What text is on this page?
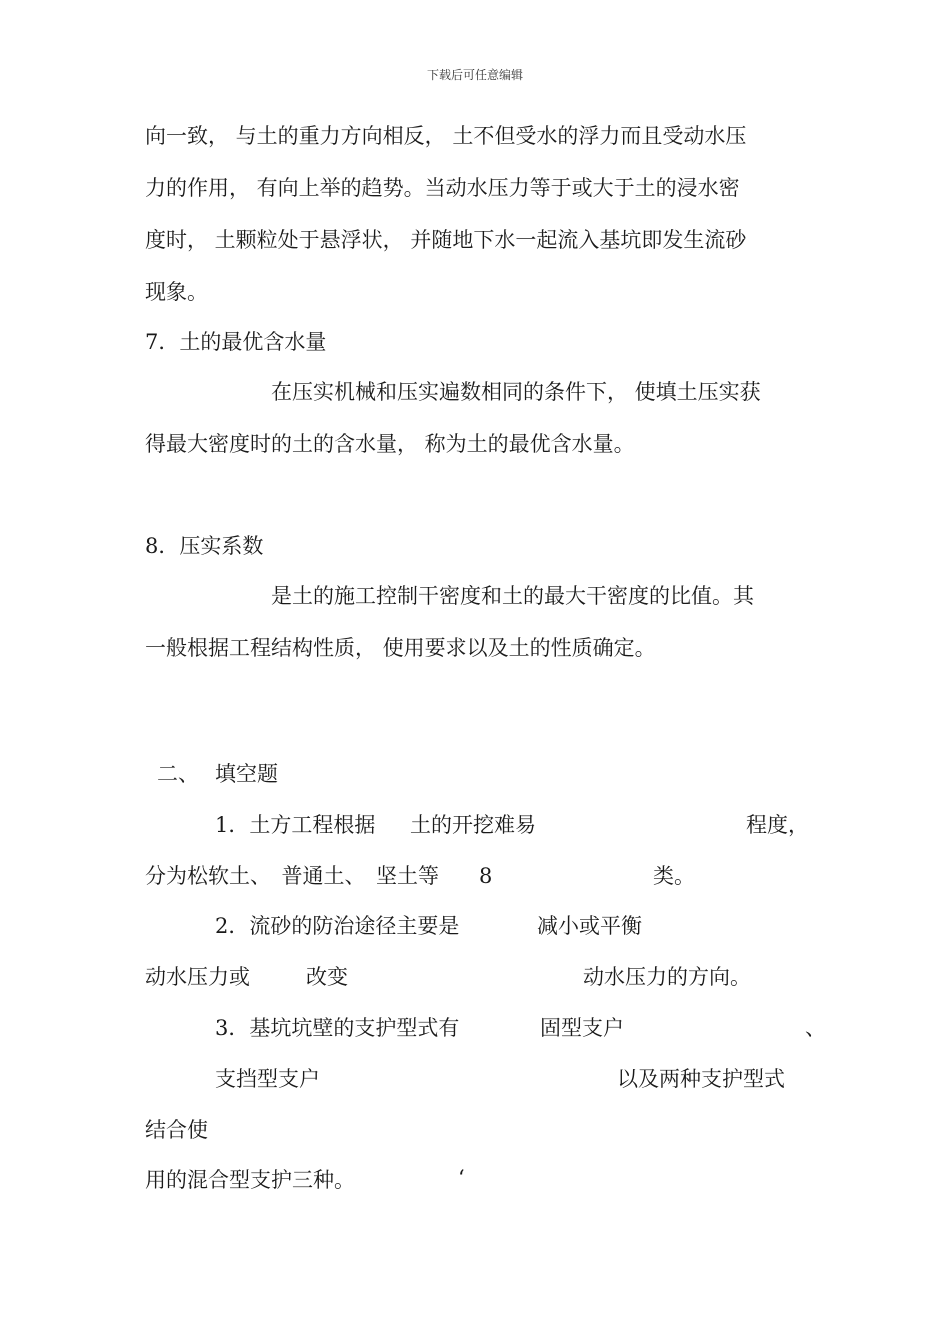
下载后可任意编辑
向一致， 与土的重力方向相反， 土不但受水的浮力而且受动水压
力的作用， 有向上举的趋势。当动水压力等于或大于土的浸水密
度时， 土颗粒处于悬浮状， 并随地下水一起流入基坑即发生流砂
现象。
7．土的最优含水量
在压实机械和压实遍数相同的条件下， 使填土压实获
得最大密度时的土的含水量， 称为土的最优含水量。
8．压实系数
是土的施工控制干密度和土的最大干密度的比值。其
一般根据工程结构性质， 使用要求以及土的性质确定。
二、 填空题
1．土方工程根据 土的开挖难易	程度，
分为松软土、　普通土、　坚土等 8	类。
2．流砂的防治途径主要是	减小或平衡
动水压力或	改变	动水压力的方向。
3．基坑坑壁的支护型式有	固型支户	、
支挡型支户	以及两种支护型式
结合使
用的混合型支护三种。	‘
